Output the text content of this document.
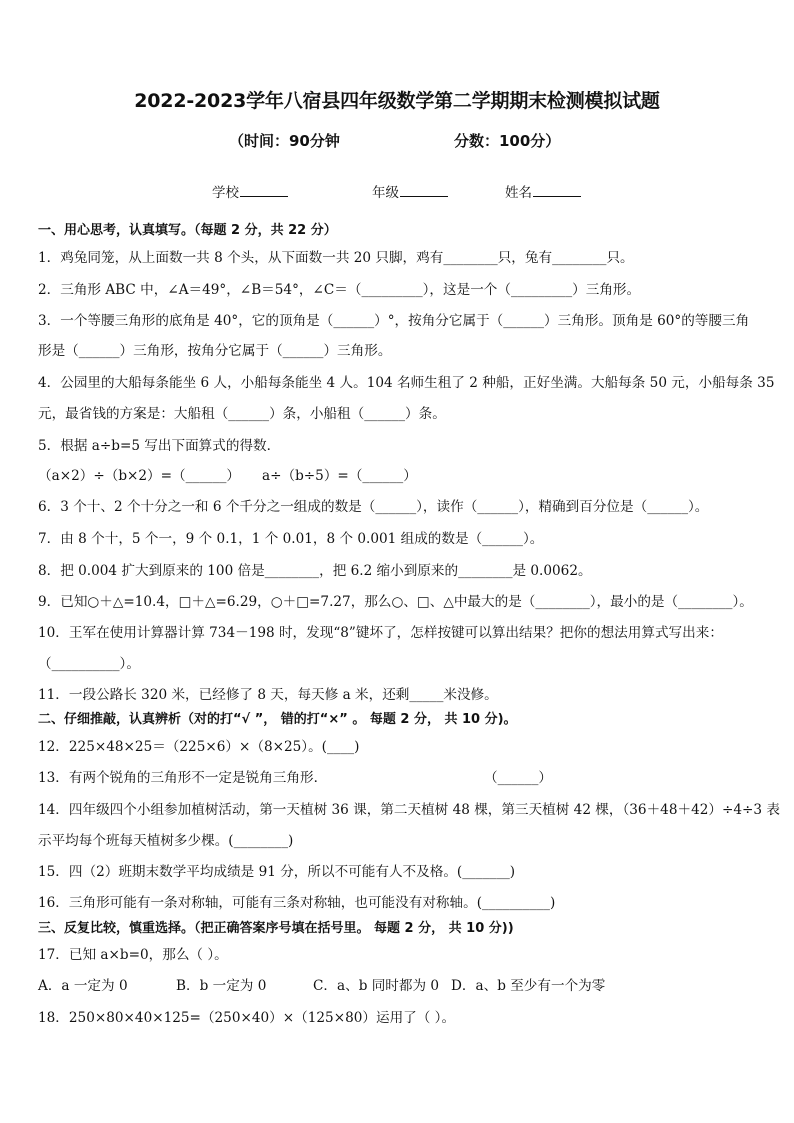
2022-2023学年八宿县四年级数学第二学期期末检测模拟试题
（时间：90分钟	分数：100分）
学校	年级	姓名
一、用心思考，认真填写。（每题 2 分，共 22 分）
1．鸡兔同笼，从上面数一共 8 个头，从下面数一共 20 只脚，鸡有________只，兔有________只。
2．三角形 ABC 中，∠A＝49°，∠B＝54°，∠C＝（_________），这是一个（_________）三角形。
3．一个等腰三角形的底角是 40°，它的顶角是（______）°，按角分它属于（______）三角形。顶角是 60°的等腰三角
形是（______）三角形，按角分它属于（______）三角形。
4．公园里的大船每条能坐 6 人，小船每条能坐 4 人。104 名师生租了 2 种船，正好坐满。大船每条 50 元，小船每条 35
元，最省钱的方案是：大船租（______）条，小船租（______）条。
5．根据 a÷b=5 写出下面算式的得数．
（a×2）÷（b×2）=（______） a÷（b÷5）=（______）
6．3 个十、2 个十分之一和 6 个千分之一组成的数是（______），读作（______），精确到百分位是（______）。
7．由 8 个十，5 个一，9 个 0.1，1 个 0.01，8 个 0.001 组成的数是（______）。
8．把 0.004 扩大到原来的 100 倍是________，把 6.2 缩小到原来的________是 0.0062。
9．已知○＋△=10.4，□＋△=6.29，○＋□=7.27，那么○、□、△中最大的是（________），最小的是（________）。
10．王军在使用计算器计算 734－198 时，发现“8”键坏了，怎样按键可以算出结果？把你的想法用算式写出来：
（__________）。
11．一段公路长 320 米，已经修了 8 天，每天修 a 米，还剩_____米没修。
二、仔细推敲，认真辨析（对的打“√ ”， 错的打“×” 。 每题 2 分， 共 10 分)。
12．225×48×25＝（225×6）×（8×25）。(____)
13．有两个锐角的三角形不一定是锐角三角形．	（______）
14．四年级四个小组参加植树活动，第一天植树 36 课，第二天植树 48 棵，第三天植树 42 棵，（36＋48＋42）÷4÷3 表
示平均每个班每天植树多少棵。(________)
15．四（2）班期末数学平均成绩是 91 分，所以不可能有人不及格。(_______)
16．三角形可能有一条对称轴，可能有三条对称轴，也可能没有对称轴。(__________)
三、反复比较，慎重选择。（把正确答案序号填在括号里。 每题 2 分， 共 10 分))
17．已知 a×b=0，那么（ ）。
A．a 一定为 0	B．b 一定为 0	C．a、b 同时都为 0 D．a、b 至少有一个为零
18．250×80×40×125=（250×40）×（125×80）运用了（ ）。
